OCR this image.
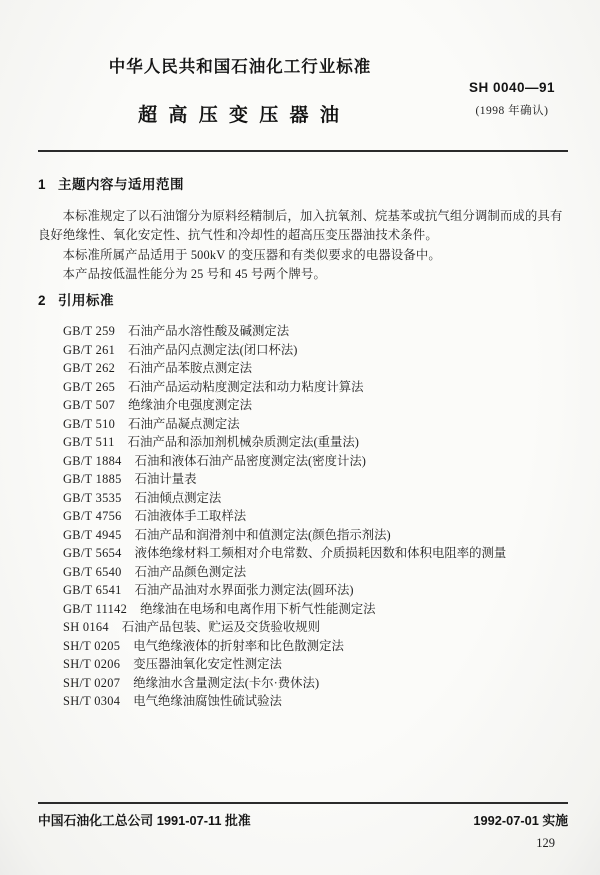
中华人民共和国石油化工行业标准
SH 0040—91
(1998 年确认)
超 高 压 变 压 器 油
1 主题内容与适用范围

本标准规定了以石油馏分为原料经精制后，加入抗氧剂、烷基苯或抗气组分调制而成的具有良好绝缘性、氧化安定性、抗气性和冷却性的超高压变压器油技术条件。

本标准所属产品适用于 500kV 的变压器和有类似要求的电器设备中。

本产品按低温性能分为 25 号和 45 号两个牌号。

2 引用标准
GB/T 259 石油产品水溶性酸及碱测定法
GB/T 261 石油产品闪点测定法(闭口杯法)
GB/T 262 石油产品苯胺点测定法
GB/T 265 石油产品运动粘度测定法和动力粘度计算法
GB/T 507 绝缘油介电强度测定法
GB/T 510 石油产品凝点测定法
GB/T 511 石油产品和添加剂机械杂质测定法(重量法)
GB/T 1884 石油和液体石油产品密度测定法(密度计法)
GB/T 1885 石油计量表
GB/T 3535 石油倾点测定法
GB/T 4756 石油液体手工取样法
GB/T 4945 石油产品和润滑剂中和值测定法(颜色指示剂法)
GB/T 5654 液体绝缘材料工频相对介电常数、介质损耗因数和体积电阻率的测量
GB/T 6540 石油产品颜色测定法
GB/T 6541 石油产品油对水界面张力测定法(圆环法)
GB/T 11142 绝缘油在电场和电离作用下析气性能测定法
SH 0164 石油产品包装、贮运及交货验收规则
SH/T 0205 电气绝缘液体的折射率和比色散测定法
SH/T 0206 变压器油氧化安定性测定法
SH/T 0207 绝缘油水含量测定法(卡尔·费休法)
SH/T 0304 电气绝缘油腐蚀性硫试验法
中国石油化工总公司 1991-07-11 批准	1992-07-01 实施
129
